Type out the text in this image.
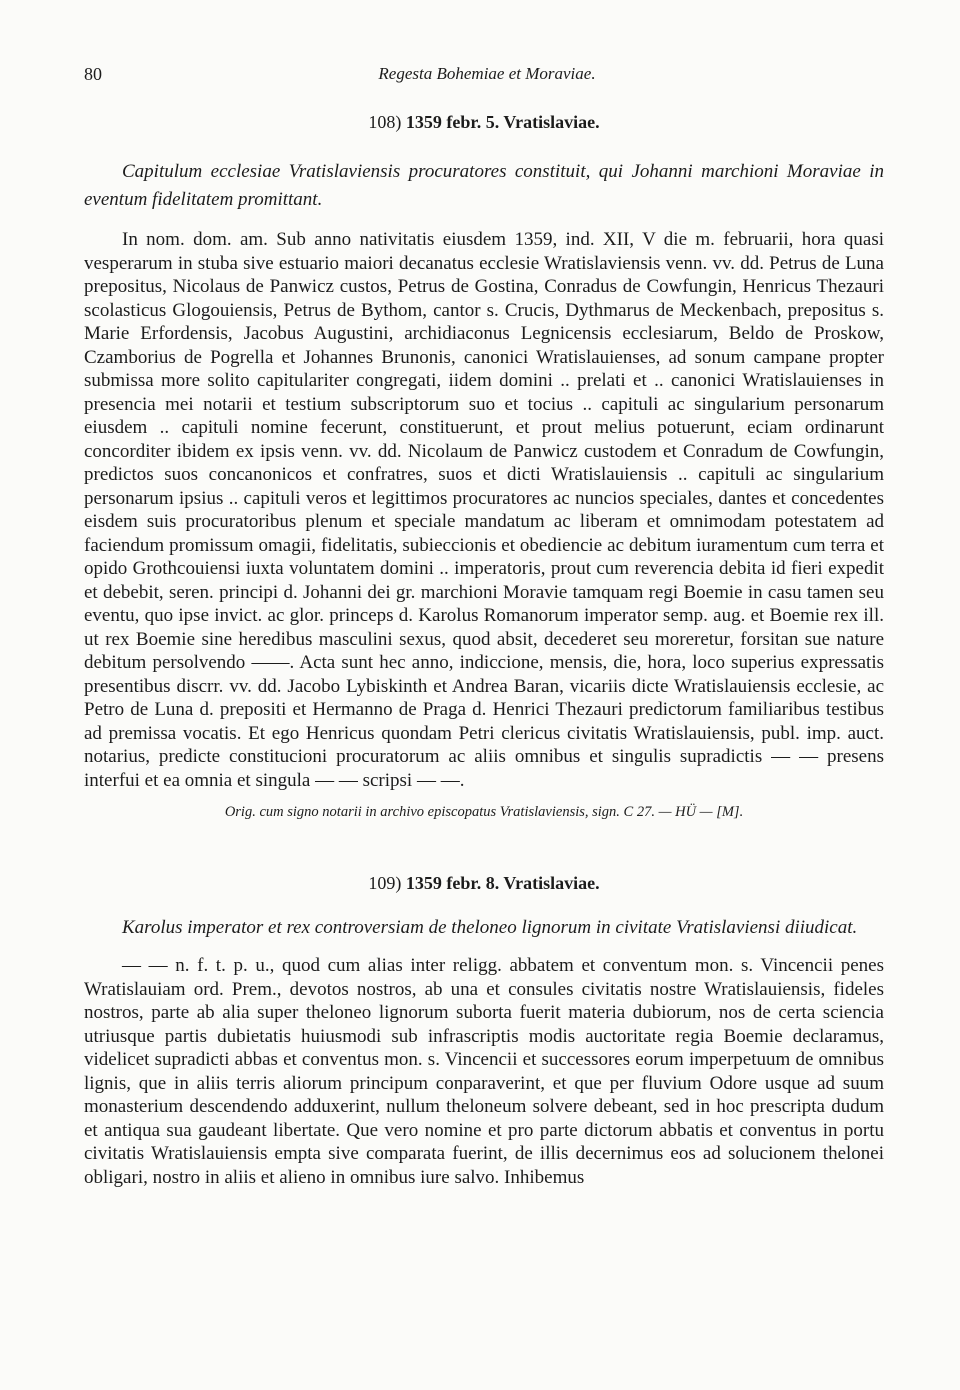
80	Regesta Bohemiae et Moraviae.

108) 1359 febr. 5. Vratislaviae.

Capitulum ecclesiae Vratislaviensis procuratores constituit, qui Johanni marchioni Moraviae in eventum fidelitatem promittant.

In nom. dom. am. Sub anno nativitatis eiusdem 1359, ind. XII, V die m. februarii, hora quasi vesperarum in stuba sive estuario maiori decanatus ecclesie Wratislaviensis venn. vv. dd. Petrus de Luna prepositus, Nicolaus de Panwicz custos, Petrus de Gostina, Conradus de Cowfungin, Henricus Thezauri scolasticus Glogouiensis, Petrus de Bythom, cantor s. Crucis, Dythmarus de Meckenbach, prepositus s. Marie Erfordensis, Jacobus Augustini, archidiaconus Legnicensis ecclesiarum, Beldo de Proskow, Czamborius de Pogrella et Johannes Brunonis, canonici Wratislauienses, ad sonum campane propter submissa more solito capitulariter congregati, iidem domini .. prelati et .. canonici Wratislauienses in presencia mei notarii et testium subscriptorum suo et tocius .. capituli ac singularium personarum eiusdem .. capituli nomine fecerunt, constituerunt, et prout melius potuerunt, eciam ordinarunt concorditer ibidem ex ipsis venn. vv. dd. Nicolaum de Panwicz custodem et Conradum de Cowfungin, predictos suos concanonicos et confratres, suos et dicti Wratislauiensis .. capituli ac singularium personarum ipsius .. capituli veros et legittimos procuratores ac nuncios speciales, dantes et concedentes eisdem suis procuratoribus plenum et speciale mandatum ac liberam et omnimodam potestatem ad faciendum promissum omagii, fidelitatis, subieccionis et obediencie ac debitum iuramentum cum terra et opido Grothcouiensi iuxta voluntatem domini .. imperatoris, prout cum reverencia debita id fieri expedit et debebit, seren. principi d. Johanni dei gr. marchioni Moravie tamquam regi Boemie in casu tamen seu eventu, quo ipse invict. ac glor. princeps d. Karolus Romanorum imperator semp. aug. et Boemie rex ill. ut rex Boemie sine heredibus masculini sexus, quod absit, decederet seu moreretur, forsitan sue nature debitum persolvendo ——. Acta sunt hec anno, indiccione, mensis, die, hora, loco superius expressatis presentibus discrr. vv. dd. Jacobo Lybiskinth et Andrea Baran, vicariis dicte Wratislauiensis ecclesie, ac Petro de Luna d. prepositi et Hermanno de Praga d. Henrici Thezauri predictorum familiaribus testibus ad premissa vocatis. Et ego Henricus quondam Petri clericus civitatis Wratislauiensis, publ. imp. auct. notarius, predicte constitucioni procuratorum ac aliis omnibus et singulis supradictis — — presens interfui et ea omnia et singula — — scripsi — —.

Orig. cum signo notarii in archivo episcopatus Vratislaviensis, sign. C 27. — HÜ — [M].

109) 1359 febr. 8. Vratislaviae.

Karolus imperator et rex controversiam de theloneo lignorum in civitate Vratislaviensi diiudicat.

— — n. f. t. p. u., quod cum alias inter religg. abbatem et conventum mon. s. Vincencii penes Wratislauiam ord. Prem., devotos nostros, ab una et consules civitatis nostre Wratislauiensis, fideles nostros, parte ab alia super theloneo lignorum suborta fuerit materia dubiorum, nos de certa sciencia utriusque partis dubietatis huiusmodi sub infrascriptis modis auctoritate regia Boemie declaramus, videlicet supradicti abbas et conventus mon. s. Vincencii et successores eorum imperpetuum de omnibus lignis, que in aliis terris aliorum principum conparaverint, et que per fluvium Odore usque ad suum monasterium descendendo adduxerint, nullum theloneum solvere debeant, sed in hoc prescripta dudum et antiqua sua gaudeant libertate. Que vero nomine et pro parte dictorum abbatis et conventus in portu civitatis Wratislauiensis empta sive comparata fuerint, de illis decernimus eos ad solucionem thelonei obligari, nostro in aliis et alieno in omnibus iure salvo. Inhibemus
